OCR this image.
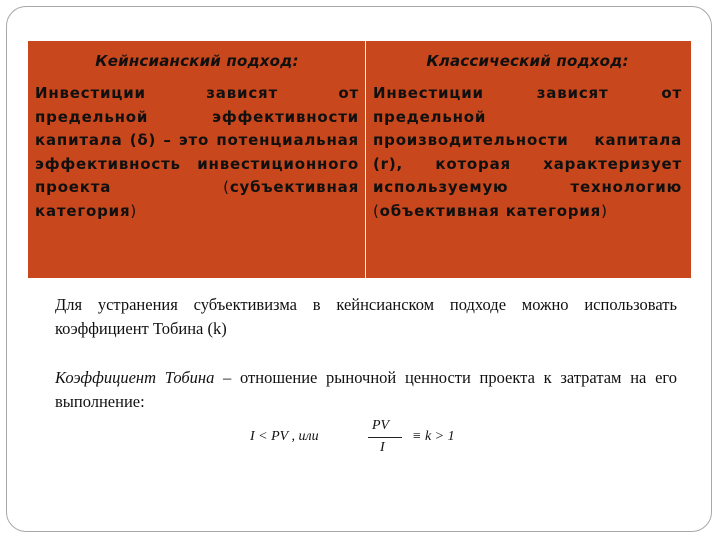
Кейнсианский подход:

Инвестиции зависят от предельной эффективности капитала (δ) – это потенциальная эффективность инвестиционного проекта	(субъективная категория)

Классический подход:

Инвестиции зависят от предельной производительности капитала (r), которая характеризует используемую технологию (объективная категория)

Для устранения субъективизма в кейнсианском подходе можно использовать коэффициент Тобина (k)

Коэффициент Тобина – отношение рыночной ценности проекта к затратам на его выполнение:

I < PV , или
PV
I
≡ k > 1
